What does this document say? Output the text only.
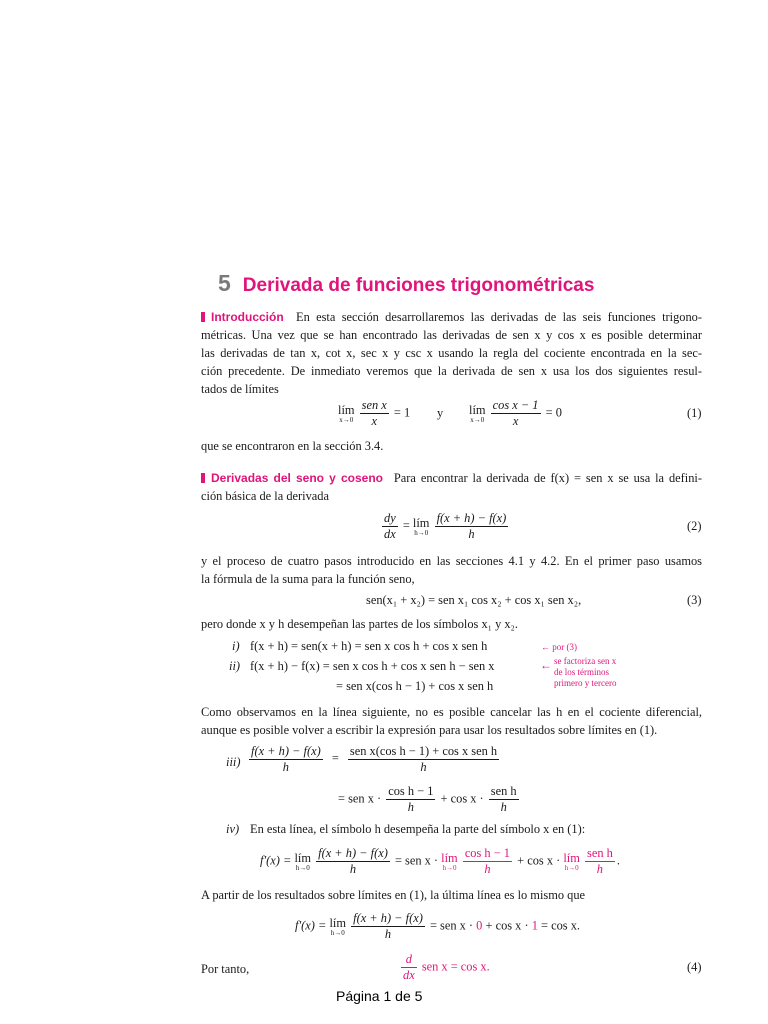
5 Derivada de funciones trigonométricas
Introducción En esta sección desarrollaremos las derivadas de las seis funciones trigono-
métricas. Una vez que se han encontrado las derivadas de sen x y cos x es posible determinar
las derivadas de tan x, cot x, sec x y csc x usando la regla del cociente encontrada en la sec-
ción precedente. De inmediato veremos que la derivada de sen x usa los dos siguientes resul-
tados de límites
lím
x→0
$\frac{\text{sen x}}{x} = 1$ y lím
x→0
$\frac{\text{cos x − 1}}{x} = 0$	(1)
que se encontraron en la sección 3.4.
Derivadas del seno y coseno Para encontrar la derivada de f(x) = sen x se usa la defini-
ción básica de la derivada
$\frac{dy}{dx}$ = lím
h→0
$\frac{f(x + h) - f(x)}{h}$	(2)
y el proceso de cuatro pasos introducido en las secciones 4.1 y 4.2. En el primer paso usamos
la fórmula de la suma para la función seno,
sen(x₁ + x₂) = sen x₁ cos x₂ + cos x₁ sen x₂,	(3)
pero donde x y h desempeñan las partes de los símbolos x₁ y x₂.
i) f(x + h) = sen(x + h) = sen x cos h + cos x sen h	← por (3)
ii) f(x + h) − f(x) = sen x cos h + cos x sen h − sen x	← se factoriza sen x
de los términos
primero y tercero
= sen x(cos h − 1) + cos x sen h
Como observamos en la línea siguiente, no es posible cancelar las h en el cociente diferencial,
aunque es posible volver a escribir la expresión para usar los resultados sobre límites en (1).
$iii) \frac{f(x + h) - f(x)}{h} = \frac{\text{sen x(cos h − 1) + cos x sen h}}{h}$
= sen $x \cdot \frac{\text{cos h − 1}}{h} + \cos x \cdot \frac{\text{sen h}}{h}$
iv) En esta línea, el símbolo h desempeña la parte del símbolo x en (1):
f′(x) = lím
h→0
$\frac{f(x + h) - f(x)}{h}$ = sen x · lím
h→0
$\frac{\text{cos h − 1}}{h} + \cos x$ · lím
h→0
$\frac{\text{sen h}}{h}$ .
A partir de los resultados sobre límites en (1), la última línea es lo mismo que
f′(x) = lím
h→0
$\frac{f(x + h) - f(x)}{h}$ = sen x · 0 + cos x · 1 = cos x.
Por tanto,	$\frac{d}{dx}$ sen x = cos x.	(4)
Página 1 de 5
